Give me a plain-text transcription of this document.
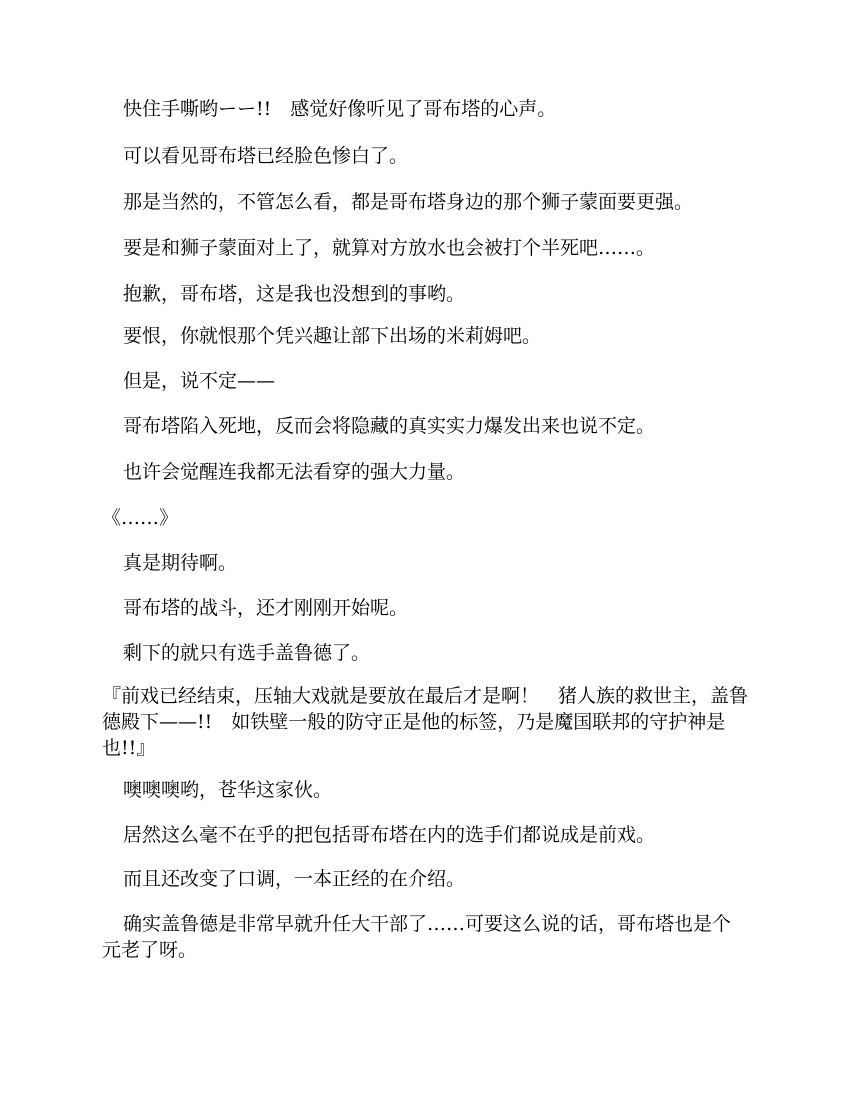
快住手嘶哟ーー!!　感觉好像听见了哥布塔的心声。

可以看见哥布塔已经脸色惨白了。

那是当然的，不管怎么看，都是哥布塔身边的那个狮子蒙面要更强。

要是和狮子蒙面对上了，就算对方放水也会被打个半死吧……。

抱歉，哥布塔，这是我也没想到的事哟。

要恨，你就恨那个凭兴趣让部下出场的米莉姆吧。

但是，说不定——

哥布塔陷入死地，反而会将隐藏的真实实力爆发出来也说不定。

也许会觉醒连我都无法看穿的强大力量。

《……》

真是期待啊。

哥布塔的战斗，还才刚刚开始呢。

剩下的就只有选手盖鲁德了。

『前戏已经结束，压轴大戏就是要放在最后才是啊！　猪人族的救世主，盖鲁德殿下——!!　如铁壁一般的防守正是他的标签，乃是魔国联邦的守护神是也!!』

噢噢噢哟，苍华这家伙。

居然这么毫不在乎的把包括哥布塔在内的选手们都说成是前戏。

而且还改变了口调，一本正经的在介绍。

确实盖鲁德是非常早就升任大干部了……可要这么说的话，哥布塔也是个元老了呀。
